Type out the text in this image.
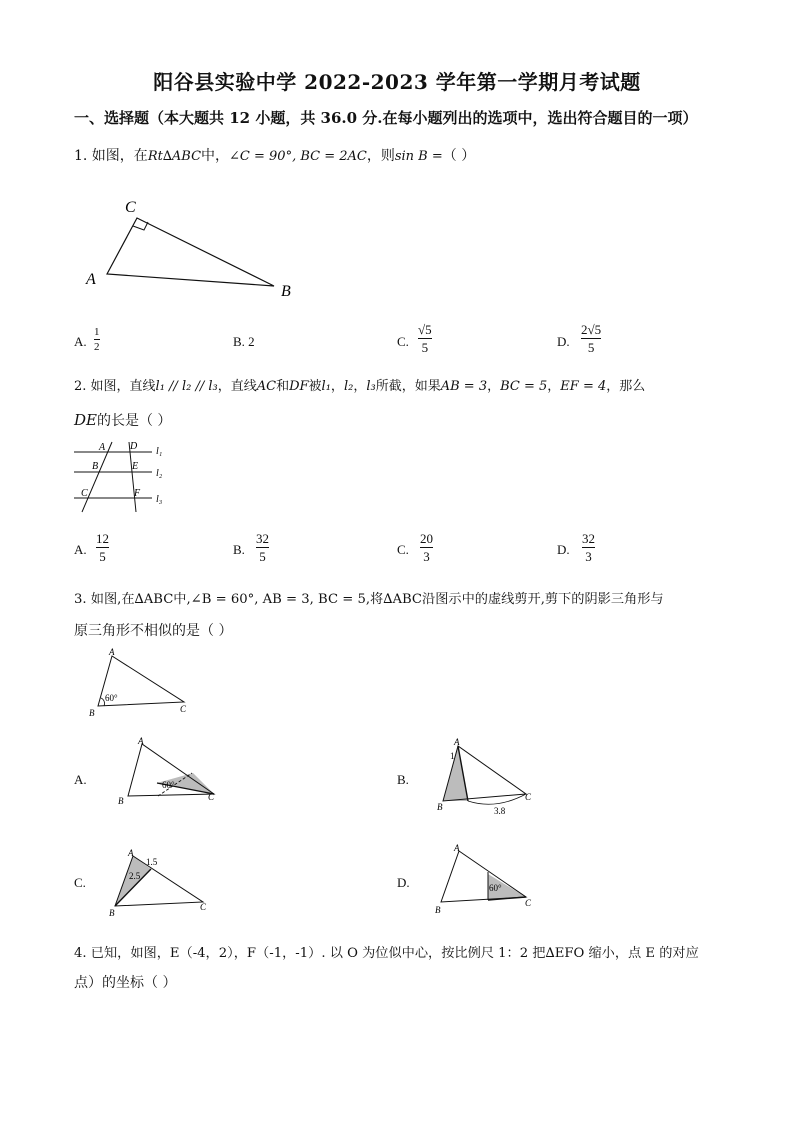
阳谷县实验中学 2022-2023 学年第一学期月考试题
一、选择题（本大题共 12 小题，共 36.0 分.在每小题列出的选项中，选出符合题目的一项）
1. 如图，在Rt∆ABC中，∠C = 90°, BC = 2AC，则sin B =（ ）
C
A
B
A.
1
2	B. 2	C.
√5
5	D.
2√5
5
2. 如图，直线l₁ // l₂ // l₃，直线AC和DF被l₁，l₂，l₃所截，如果AB = 3，BC = 5，EF = 4，那么
DE的长是（ ）
A D
B	E
C	F
l₁
l₂
l₃
A.
12
5	B.
32
5	C.
20
3	D.
32
3
3. 如图,在∆ABC中,∠B = 60°, AB = 3, BC = 5,将∆ABC沿图示中的虚线剪开,剪下的阴影三角形与
原三角形不相似的是（ ）
60°
A
B	C
A.	60°
A
B	C
B.
1
3.8
A
B
C
C.
1.5
2.5
A
B
C
D.	60°
A
B
C
4. 已知，如图，E（-4，2），F（-1，-1）. 以 O 为位似中心，按比例尺 1：2 把∆EFO 缩小，点 E 的对应
点）的坐标（ ）
